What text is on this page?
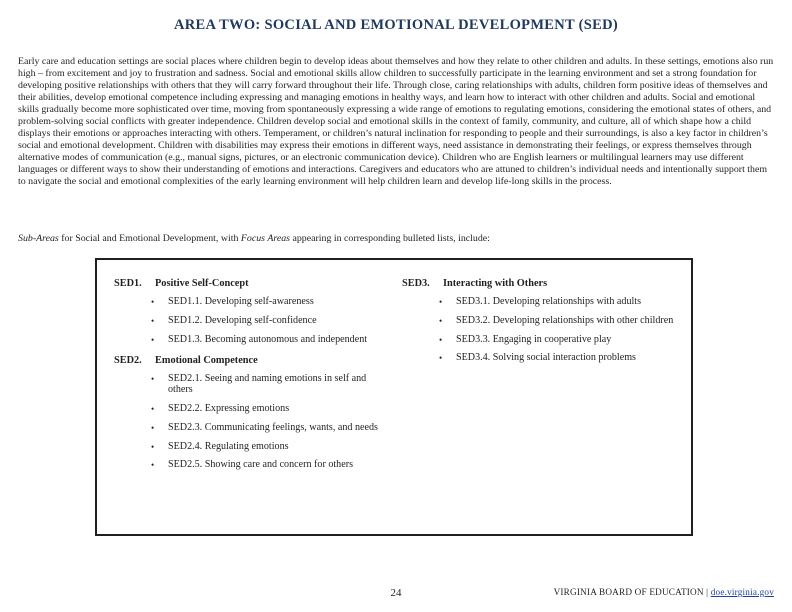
AREA TWO: SOCIAL AND EMOTIONAL DEVELOPMENT (SED)

Early care and education settings are social places where children begin to develop ideas about themselves and how they relate to other children and adults. In these settings, emotions also run high – from excitement and joy to frustration and sadness. Social and emotional skills allow children to successfully participate in the learning environment and set a strong foundation for developing positive relationships with others that they will carry forward throughout their life. Through close, caring relationships with adults, children form positive ideas of themselves and their abilities, develop emotional competence including expressing and managing emotions in healthy ways, and learn how to interact with other children and adults. Social and emotional skills gradually become more sophisticated over time, moving from spontaneously expressing a wide range of emotions to regulating emotions, considering the emotional states of others, and problem-solving social conflicts with greater independence. Children develop social and emotional skills in the context of family, community, and culture, all of which shape how a child displays their emotions or approaches interacting with others. Temperament, or children’s natural inclination for responding to people and their surroundings, is also a key factor in children’s social and emotional development. Children with disabilities may express their emotions in different ways, need assistance in demonstrating their feelings, or express themselves through alternative modes of communication (e.g., manual signs, pictures, or an electronic communication device). Children who are English learners or multilingual learners may use different languages or different ways to show their understanding of emotions and interactions. Caregivers and educators who are attuned to children’s individual needs and intentionally support them to navigate the social and emotional complexities of the early learning environment will help children learn and develop life-long skills in the process.

Sub-Areas for Social and Emotional Development, with Focus Areas appearing in corresponding bulleted lists, include:
SED1. Positive Self-Concept
• SED1.1. Developing self-awareness
• SED1.2. Developing self-confidence
• SED1.3. Becoming autonomous and independent
SED2. Emotional Competence
• SED2.1. Seeing and naming emotions in self and others
• SED2.2. Expressing emotions
• SED2.3. Communicating feelings, wants, and needs
• SED2.4. Regulating emotions
• SED2.5. Showing care and concern for others
SED3. Interacting with Others
• SED3.1. Developing relationships with adults
• SED3.2. Developing relationships with other children
• SED3.3. Engaging in cooperative play
• SED3.4. Solving social interaction problems
24	VIRGINIA BOARD OF EDUCATION | doe.virginia.gov
